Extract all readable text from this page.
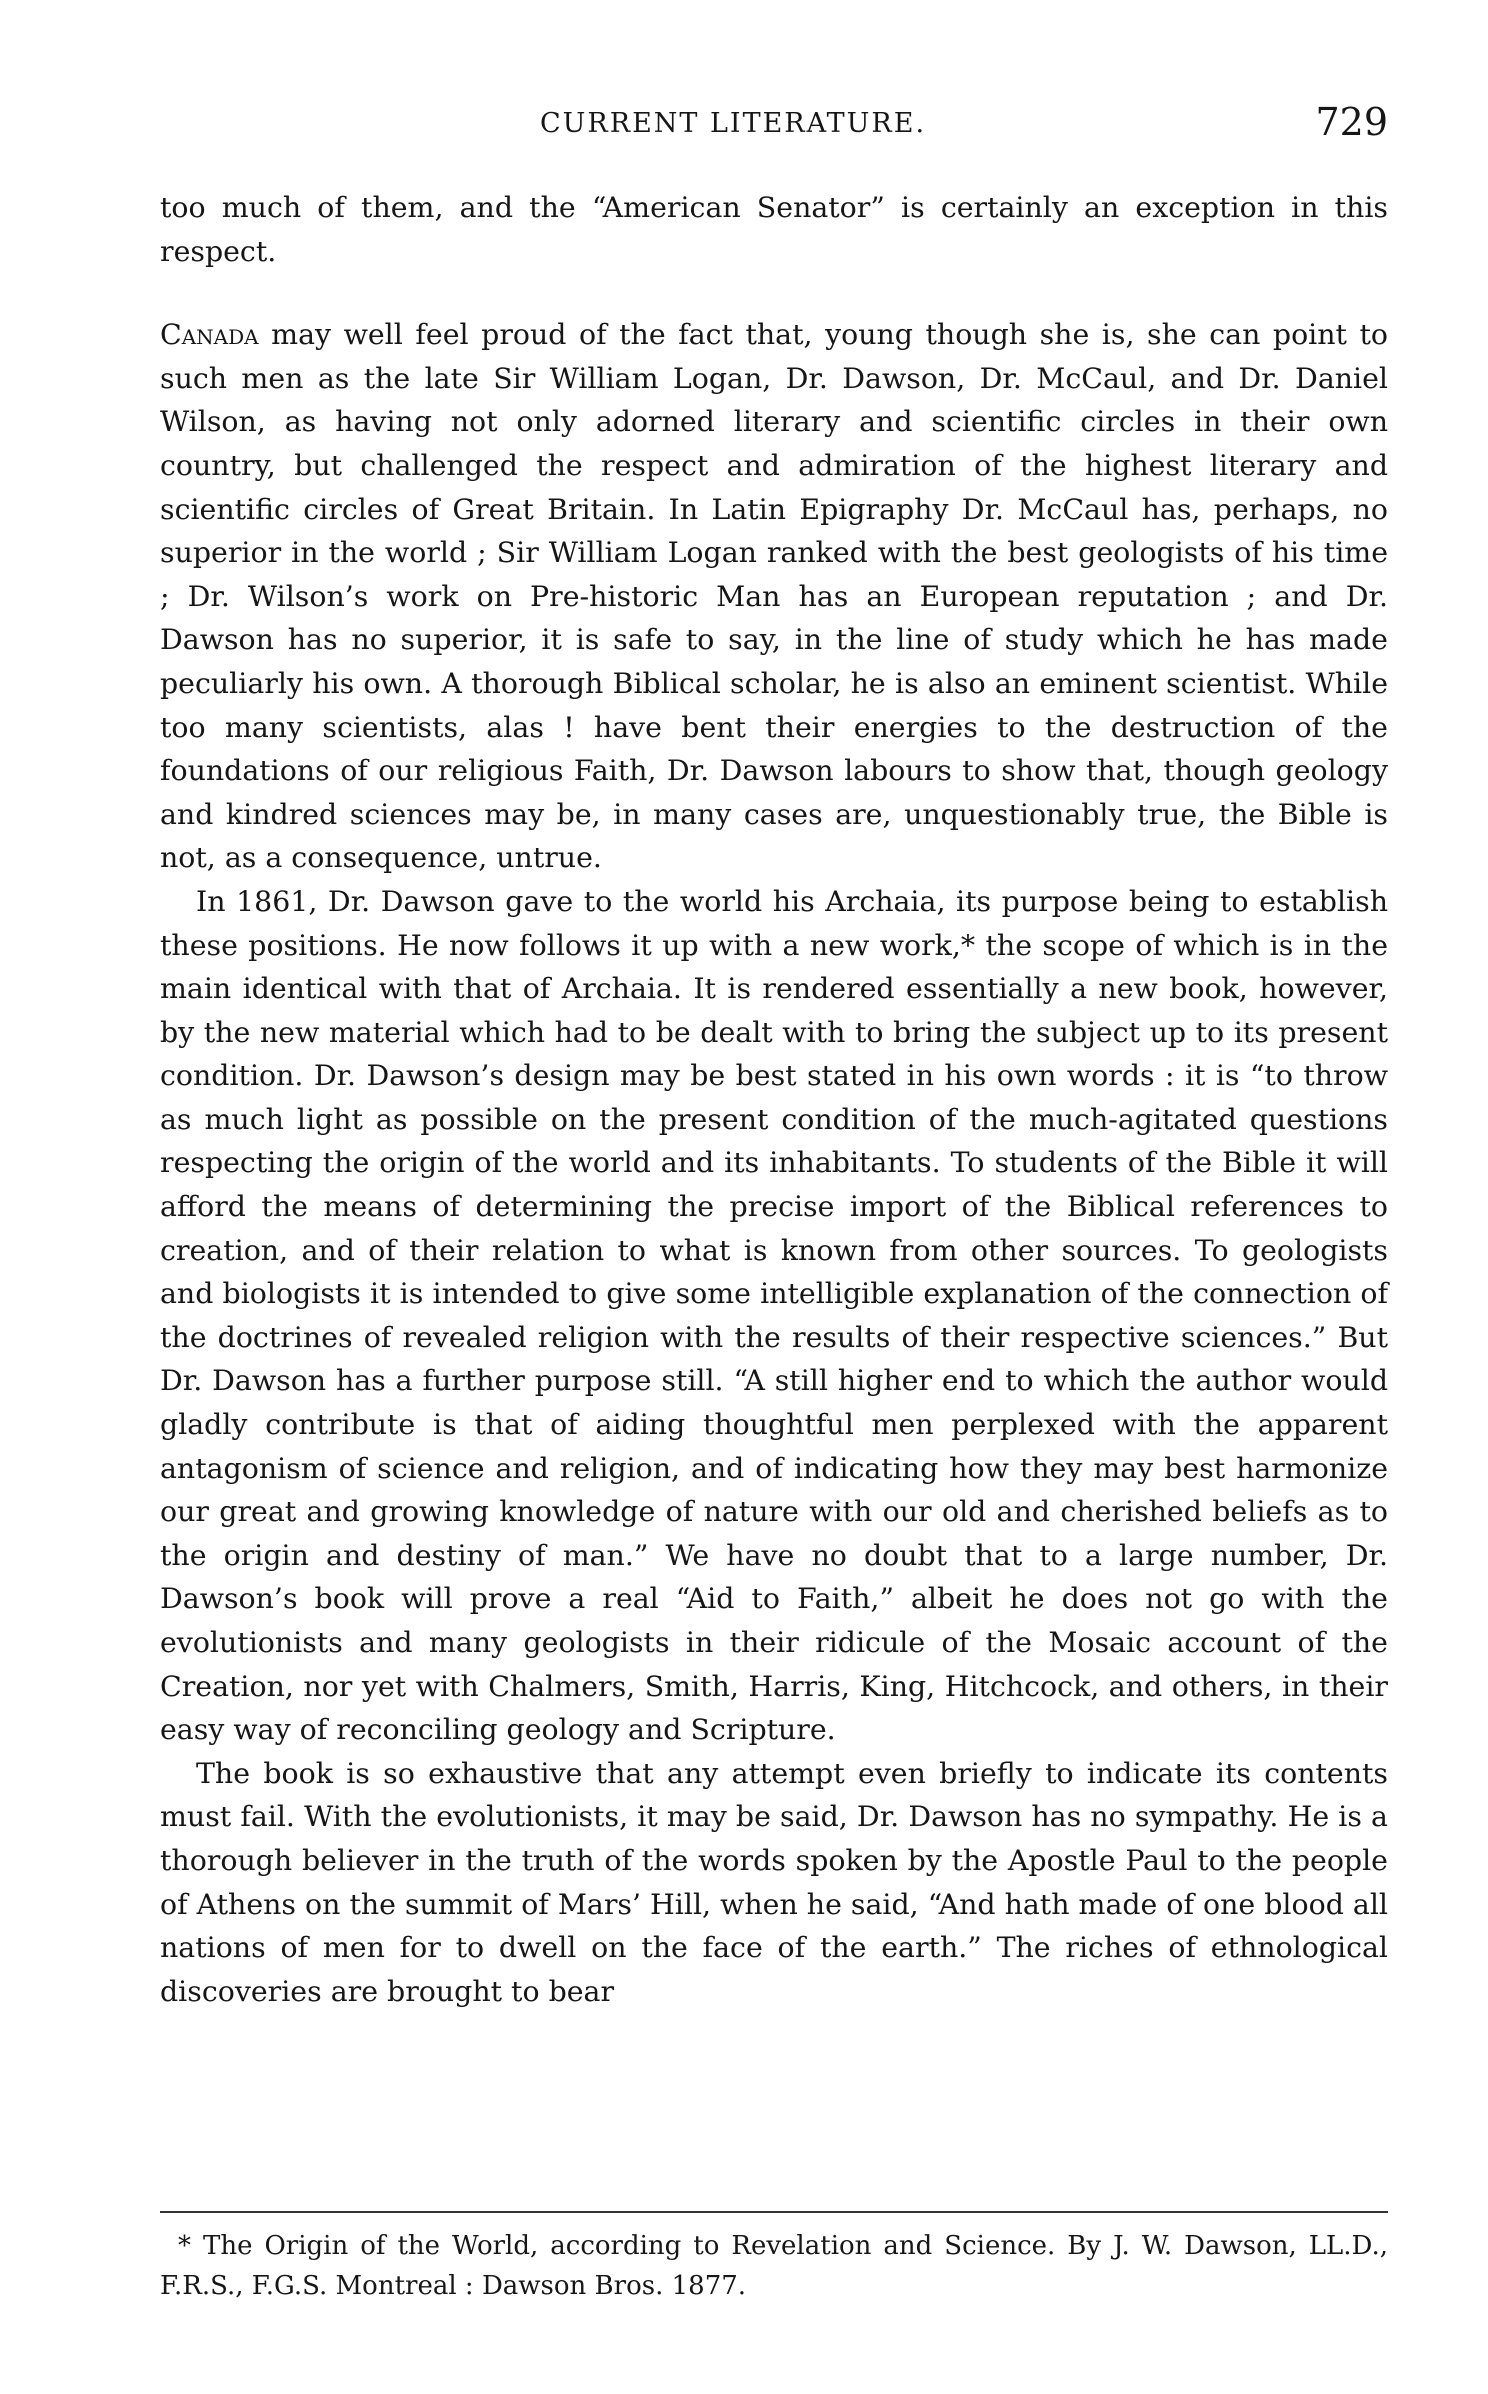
CURRENT LITERATURE.	729

too much of them, and the “American Senator” is certainly an exception in this respect.

Canada may well feel proud of the fact that, young though she is, she can point to such men as the late Sir William Logan, Dr. Dawson, Dr. McCaul, and Dr. Daniel Wilson, as having not only adorned literary and scientific circles in their own country, but challenged the respect and admiration of the highest literary and scientific circles of Great Britain. In Latin Epigraphy Dr. McCaul has, perhaps, no superior in the world ; Sir William Logan ranked with the best geologists of his time ; Dr. Wilson’s work on Pre-historic Man has an European reputation ; and Dr. Dawson has no superior, it is safe to say, in the line of study which he has made peculiarly his own. A thorough Biblical scholar, he is also an eminent scientist. While too many scientists, alas ! have bent their energies to the destruction of the foundations of our religious Faith, Dr. Dawson labours to show that, though geology and kindred sciences may be, in many cases are, unquestionably true, the Bible is not, as a consequence, untrue.

In 1861, Dr. Dawson gave to the world his Archaia, its purpose being to establish these positions. He now follows it up with a new work,* the scope of which is in the main identical with that of Archaia. It is rendered essentially a new book, however, by the new material which had to be dealt with to bring the subject up to its present condition. Dr. Dawson’s design may be best stated in his own words : it is “to throw as much light as possible on the present condition of the much-agitated questions respecting the origin of the world and its inhabitants. To students of the Bible it will afford the means of determining the precise import of the Biblical references to creation, and of their relation to what is known from other sources. To geologists and biologists it is intended to give some intelligible explanation of the connection of the doctrines of revealed religion with the results of their respective sciences.” But Dr. Dawson has a further purpose still. “A still higher end to which the author would gladly contribute is that of aiding thoughtful men perplexed with the apparent antagonism of science and religion, and of indicating how they may best harmonize our great and growing knowledge of nature with our old and cherished beliefs as to the origin and destiny of man.” We have no doubt that to a large number, Dr. Dawson’s book will prove a real “Aid to Faith,” albeit he does not go with the evolutionists and many geologists in their ridicule of the Mosaic account of the Creation, nor yet with Chalmers, Smith, Harris, King, Hitchcock, and others, in their easy way of reconciling geology and Scripture.

The book is so exhaustive that any attempt even briefly to indicate its contents must fail. With the evolutionists, it may be said, Dr. Dawson has no sympathy. He is a thorough believer in the truth of the words spoken by the Apostle Paul to the people of Athens on the summit of Mars’ Hill, when he said, “And hath made of one blood all nations of men for to dwell on the face of the earth.” The riches of ethnological discoveries are brought to bear

* The Origin of the World, according to Revelation and Science. By J. W. Dawson, LL.D., F.R.S., F.G.S. Montreal : Dawson Bros. 1877.
